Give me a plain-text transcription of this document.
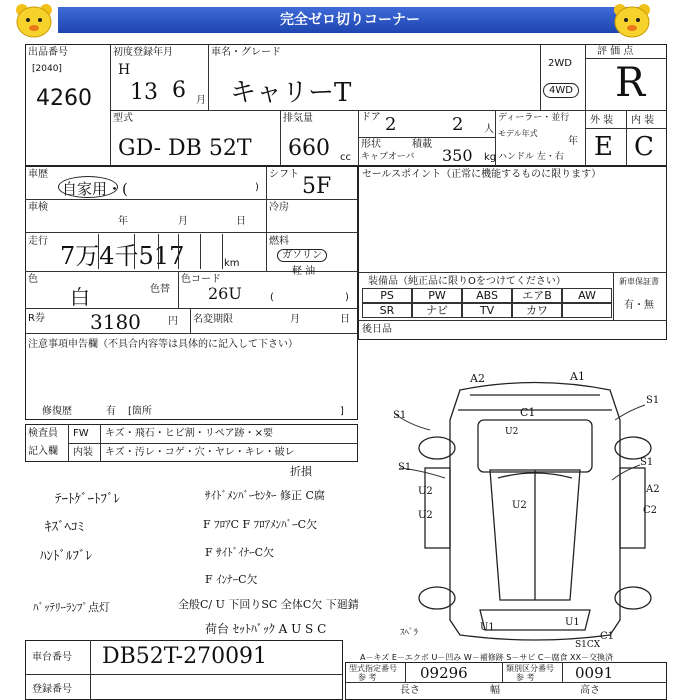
完全ゼロ切りコーナー
出品番号
[2040]
4260
初度登録年月
H
13 6 月
車名・グレード
キャリーT
2WD
4WD
評 価 点
R
型式
GD- DB 52T
排気量
660 cc
ドア 2	2 人
形状
キャブオーバ
積載
350 kg
ディーラー・並行
モデル年式
年
ハンドル 左・右
外 装 内 装
E C
車歴
自家用・(	)
シフト 5F
車検
年	月	日
冷房
走行
7万4千517	km
燃料
ガソリン
軽 油
(	)
色
白	色替
色コード
26U
R券 3180	円 名変期限	月	日
注意事項申告欄（不具合内容等は具体的に記入して下さい）
修復歴	有 [箇所	]
セールスポイント（正常に機能するものに限ります）
装備品（純正品に限りOをつけてください）	新車保証書
有・無
PS	PW	ABS	エアB	AW
SR	ナビ	TV	カワ
後日品
検査員
記入欄
FW キズ・飛石・ヒビ割・リペア跡・×要
内装 キズ・汚レ・コゲ・穴・ヤレ・キレ・破レ
ﾃｰﾄｹﾞｰﾄﾌﾞﾚ
ｷｽﾞﾍｺﾐ
ﾊﾝﾄﾞﾙﾌﾞﾚ
ﾊﾞｯﾃﾘｰﾗﾝﾌﾟ点灯
ｻｲﾄﾞﾒﾝﾊﾞｰｾﾝﾀｰ 修正 C腐
折損
F ﾌﾛｱC F ﾌﾛｱﾒﾝﾊﾞｰC欠
F ｻｲﾄﾞｲﾅｰC欠
F ｲﾝﾅｰC欠
全般C/ U 下回りSC 全体C欠 下廻錆
荷台 ｾｯﾄﾊﾞｯｸ A U S C	ｽﾍﾟﾗ
A2	A1
C1
S1
S1
S1	S1
U2
U2
U2
A2
C2
U1
U2
U1
C1
S1CX
A－キズ E－エクボ U－凹み W－補修跡 S－サビ C－腐食 XX－交換済
車台番号 DB52T-270091
登録番号
型式指定番号
参 考	09296	類別区分番号
参 考	0091
長さ	幅	高さ
